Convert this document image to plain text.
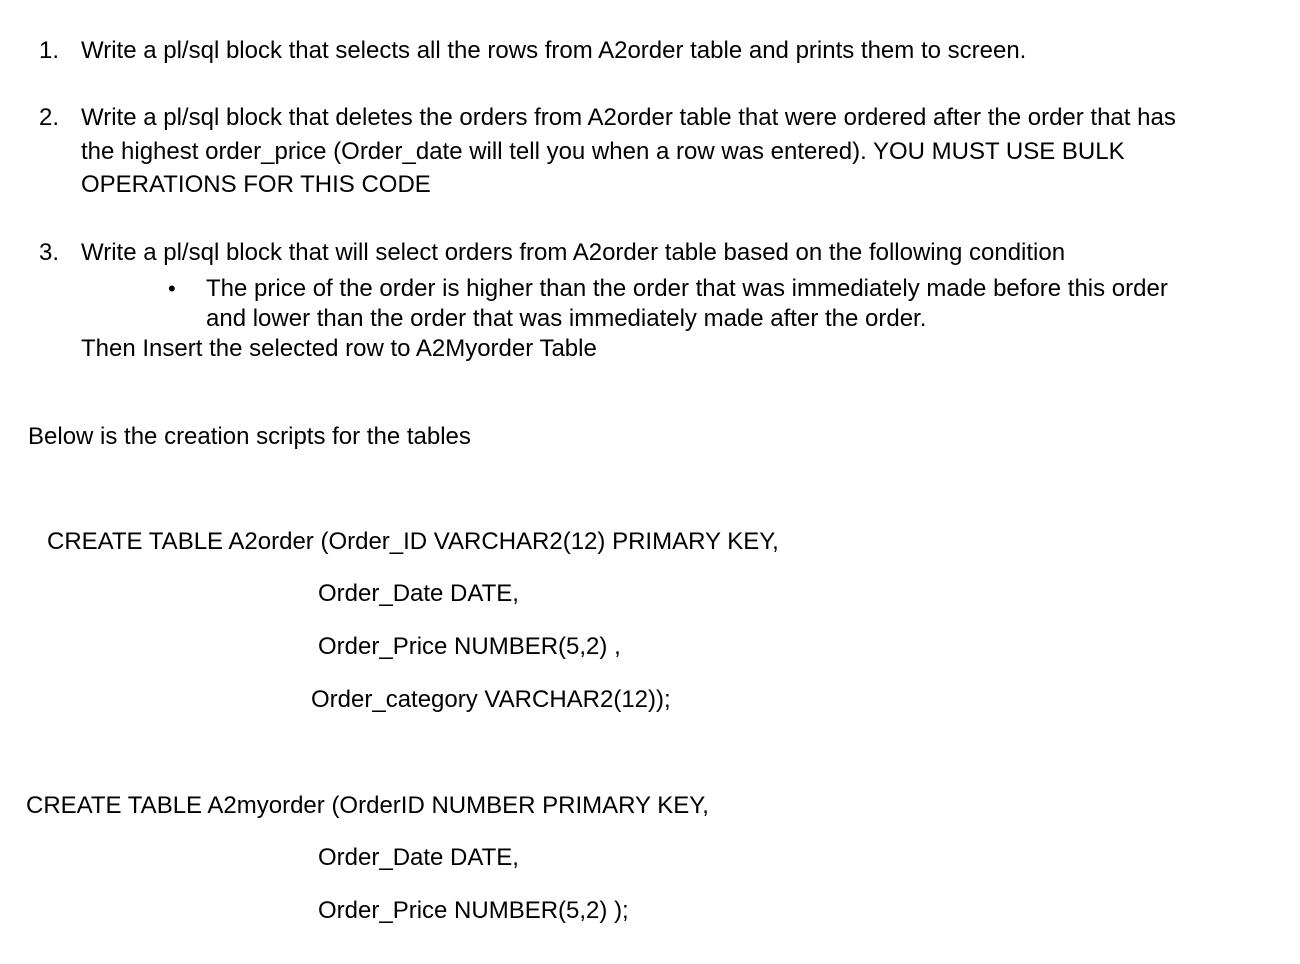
1. Write a pl/sql block that selects all the rows from A2order table and prints them to screen.
2. Write a pl/sql block that deletes the orders from A2order table that were ordered after the order that has
the highest order_price (Order_date will tell you when a row was entered). YOU MUST USE BULK
OPERATIONS FOR THIS CODE
3. Write a pl/sql block that will select orders from A2order table based on the following condition
• The price of the order is higher than the order that was immediately made before this order
and lower than the order that was immediately made after the order.
Then Insert the selected row to A2Myorder Table
Below is the creation scripts for the tables
CREATE TABLE A2order (Order_ID VARCHAR2(12) PRIMARY KEY,
Order_Date DATE,
Order_Price NUMBER(5,2) ,
Order_category VARCHAR2(12));
CREATE TABLE A2myorder (OrderID NUMBER PRIMARY KEY,
Order_Date DATE,
Order_Price NUMBER(5,2) );
